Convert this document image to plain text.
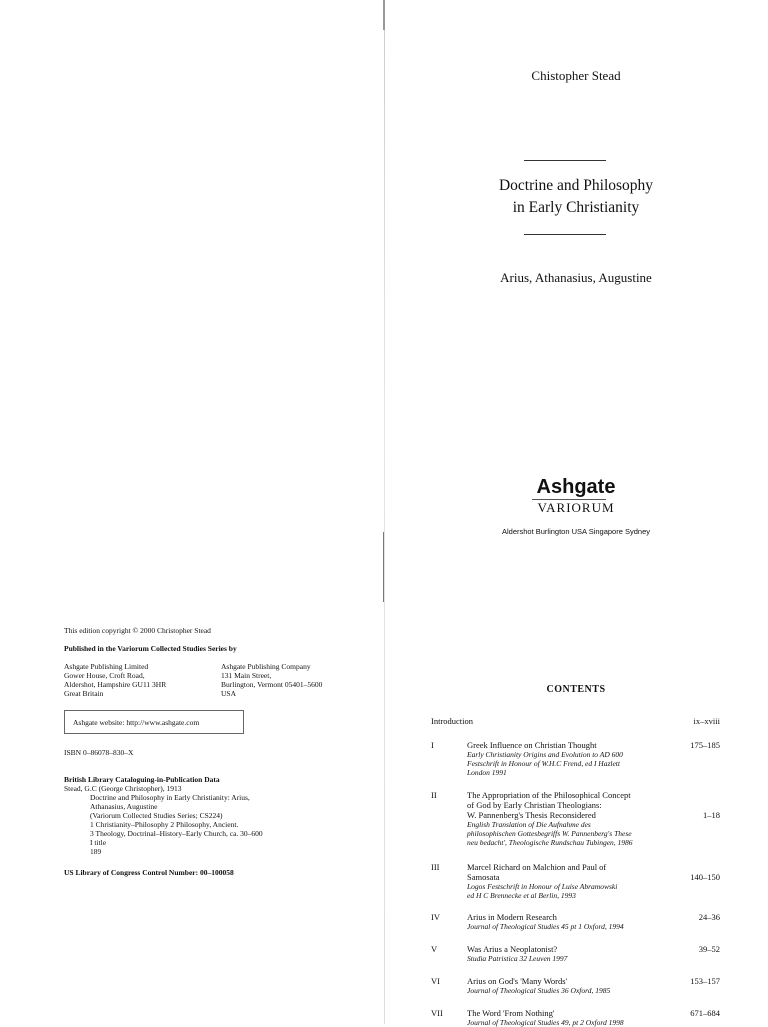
This edition copyright © 2000 Christopher Stead
Published in the Variorum Collected Studies Series by
Ashgate Publishing Limited
Gower House, Croft Road,
Aldershot, Hampshire GU11 3HR
Great Britain
Ashgate Publishing Company
131 Main Street,
Burlington, Vermont 05401–5600
USA
Ashgate website: http://www.ashgate.com
ISBN 0–86078–830–X
British Library Cataloguing-in-Publication Data
Stead, G.C (George Christopher), 1913
Doctrine and Philosophy in Early Christianity: Arius,
Athanasius, Augustine
(Variorum Collected Studies Series; CS224)
1 Christianity–Philosophy 2 Philosophy, Ancient.
3 Theology, Doctrinal–History–Early Church, ca. 30–600
I title
189
US Library of Congress Control Number: 00–100058
Chistopher Stead
Doctrine and Philosophy
in Early Christianity
Arius, Athanasius, Augustine
Ashgate
VARIORUM
Aldershot Burlington USA Singapore Sydney
CONTENTS
Introduction	ix–xviii
I	Greek Influence on Christian Thought
Early Christianity Origins and Evolution to AD 600
Festschrift in Honour of W.H.C Frend, ed I Hazlett
London 1991
175–185
II	The Appropriation of the Philosophical Concept
of God by Early Christian Theologians:
W. Pannenberg's Thesis Reconsidered
English Translation of Die Aufnahme des
philosophischen Gottesbegriffs W. Pannenberg's These
neu bedacht', Theologische Rundschau Tubingen, 1986
1–18
III	Marcel Richard on Malchion and Paul of
Samosata
Logos Festschrift in Honour of Luise Abramowski
ed H C Brennecke et al Berlin, 1993
140–150
IV	Arius in Modern Research
Journal of Theological Studies 45 pt 1 Oxford, 1994
24–36
V	Was Arius a Neoplatonist?
Studia Patristica 32 Leuven 1997
39–52
VI	Arius on God's 'Many Words'
Journal of Theological Studies 36 Oxford, 1985
153–157
VII	The Word 'From Nothing'
Journal of Theological Studies 49, pt 2 Oxford 1998
671–684
